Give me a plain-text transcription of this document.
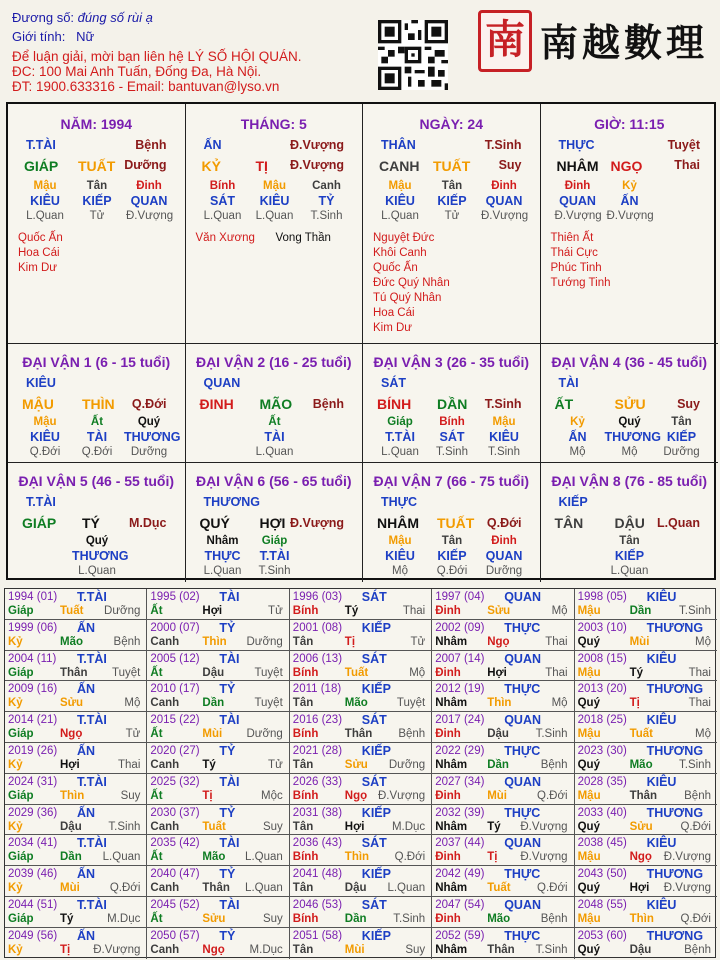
Đương số: đúng số rùi ạ
Giới tính: Nữ
Để luận giải, mời bạn liên hệ LÝ SỐ HỘI QUÁN.
ĐC: 100 Mai Anh Tuấn, Đống Đa, Hà Nội.
ĐT: 1900.633316 - Email: bantuvan@lyso.vn
南 南越數理
NĂM: 1994
T.TÀI	Bệnh
GIÁP TUẤT Dưỡng
Mậu	Tân	Đinh
KIÊU	KIẾP	QUAN
L.Quan	Tử	Đ.Vượng
Quốc Ấn
Hoa Cái
Kim Dư
THÁNG: 5
ẤN	Đ.Vượng
KỶ TỊ Đ.Vượng
Bính	Mậu	Canh
SÁT	KIÊU	TỶ
L.Quan	L.Quan	T.Sinh
Văn Xương Vong Thần
NGÀY: 24
THÂN	T.Sinh
CANH TUẤT Suy
Mậu	Tân	Đinh
KIÊU	KIẾP	QUAN
L.Quan	Tử	Đ.Vượng
Nguyệt Đức
Khôi Canh
Quốc Ấn
Đức Quý Nhân
Tú Quý Nhân
Hoa Cái
Kim Dư
GIỜ: 11:15
THỰC	Tuyệt
NHÂM NGỌ	Thai
Đinh	Kỷ
QUAN	ẤN
Đ.Vượng Đ.Vượng
Thiên Ất
Thái Cực
Phúc Tinh
Tướng Tinh
ĐẠI VẬN 1 (6 - 15 tuổi)
KIÊU
MẬU THÌN Q.Đới
Mậu	Ất	Quý
KIÊU	TÀI	THƯƠNG
Q.Đới	Q.Đới	Dưỡng
ĐẠI VẬN 2 (16 - 25 tuổi)
QUAN
ĐINH MÃO Bệnh
Ất
TÀI
L.Quan
ĐẠI VẬN 3 (26 - 35 tuổi)
SÁT
BÍNH DẦN T.Sinh
Giáp	Bính	Mậu
T.TÀI	SÁT	KIÊU
L.Quan	T.Sinh	T.Sinh
ĐẠI VẬN 4 (36 - 45 tuổi)
TÀI
ẤT	SỬU	Suy
Kỷ	Quý	Tân
ẤN	THƯƠNG KIẾP
Mộ	Mộ	Dưỡng
ĐẠI VẬN 5 (46 - 55 tuổi)
T.TÀI
GIÁP TÝ M.Dục
Quý
THƯƠNG
L.Quan
ĐẠI VẬN 6 (56 - 65 tuổi)
THƯƠNG
QUÝ HỢI Đ.Vượng
Nhâm	Giáp
THỰC	T.TÀI
L.Quan	T.Sinh
ĐẠI VẬN 7 (66 - 75 tuổi)
THỰC
NHÂM TUẤT Q.Đới
Mậu	Tân	Đinh
KIÊU	KIẾP	QUAN
Mộ	Q.Đới	Dưỡng
ĐẠI VẬN 8 (76 - 85 tuổi)
KIẾP
TÂN DẬU L.Quan
Tân
KIẾP
L.Quan
1994 (01) T.TÀI
Giáp Tuất Dưỡng
1995 (02) TÀI
Ất	Hợi	Tử
1996 (03) SÁT
Bính Tý	Thai
1997 (04) QUAN
Đinh Sửu	Mộ
1998 (05) KIÊU
Mậu	Dần T.Sinh
1999 (06) ẤN
Kỷ	Mão	Bệnh
2000 (07) TỶ
Canh Thìn Dưỡng
2001 (08) KIẾP
Tân	Tị	Tử
2002 (09) THỰC
Nhâm Ngọ	Thai
2003 (10) THƯƠNG
Quý	Mùi	Mộ
2004 (11) T.TÀI
Giáp Thân Tuyệt
2005 (12) TÀI
Ất	Dậu	Tuyệt
2006 (13) SÁT
Bính Tuất	Mộ
2007 (14) QUAN
Đinh Hợi	Thai
2008 (15) KIÊU
Mậu	Tý	Thai
2009 (16) ẤN
Kỷ	Sửu	Mộ
2010 (17) TỶ
Canh Dần	Tuyệt
2011 (18) KIẾP
Tân	Mão	Tuyệt
2012 (19) THỰC
Nhâm Thìn	Mộ
2013 (20) THƯƠNG
Quý	Tị	Thai
2014 (21) T.TÀI
Giáp Ngọ	Tử
2015 (22) TÀI
Ất	Mùi Dưỡng
2016 (23) SÁT
Bính Thân Bệnh
2017 (24) QUAN
Đinh Dậu T.Sinh
2018 (25) KIÊU
Mậu	Tuất	Mộ
2019 (26) ẤN
Kỷ	Hợi	Thai
2020 (27) TỶ
Canh Tý	Tử
2021 (28) KIẾP
Tân	Sửu Dưỡng
2022 (29) THỰC
Nhâm Dần	Bệnh
2023 (30) THƯƠNG
Quý	Mão T.Sinh
2024 (31) T.TÀI
Giáp Thìn	Suy
2025 (32) TÀI
Ất	Tị	Mộc
2026 (33) SÁT
Bính Ngọ Đ.Vượng
2027 (34) QUAN
Đinh Mùi	Q.Đới
2028 (35) KIÊU
Mậu	Thân Bệnh
2029 (36) ẤN
Kỷ	Dậu T.Sinh
2030 (37) TỶ
Canh Tuất	Suy
2031 (38) KIẾP
Tân	Hợi M.Dục
2032 (39) THỰC
Nhâm Tý Đ.Vượng
2033 (40) THƯƠNG
Quý	Sửu Q.Đới
2034 (41) T.TÀI
Giáp Dần L.Quan
2035 (42) TÀI
Ất	Mão L.Quan
2036 (43) SÁT
Bính Thìn Q.Đới
2037 (44) QUAN
Đinh Tị Đ.Vượng
2038 (45) KIÊU
Mậu	Ngọ Đ.Vượng
2039 (46) ẤN
Kỷ	Mùi	Q.Đới
2040 (47) TỶ
Canh Thân L.Quan
2041 (48) KIẾP
Tân	Dậu L.Quan
2042 (49) THỰC
Nhâm Tuất Q.Đới
2043 (50) THƯƠNG
Quý	Hợi Đ.Vượng
2044 (51) T.TÀI
Giáp Tý	M.Dục
2045 (52) TÀI
Ất	Sửu	Suy
2046 (53) SÁT
Bính Dần T.Sinh
2047 (54) QUAN
Đinh Mão	Bệnh
2048 (55) KIÊU
Mậu	Thìn Q.Đới
2049 (56) ẤN
Kỷ	Tị Đ.Vượng
2050 (57) TỶ
Canh Ngọ M.Dục
2051 (58) KIẾP
Tân	Mùi	Suy
2052 (59) THỰC
Nhâm Thân T.Sinh
2053 (60) THƯƠNG
Quý	Dậu	Bệnh
